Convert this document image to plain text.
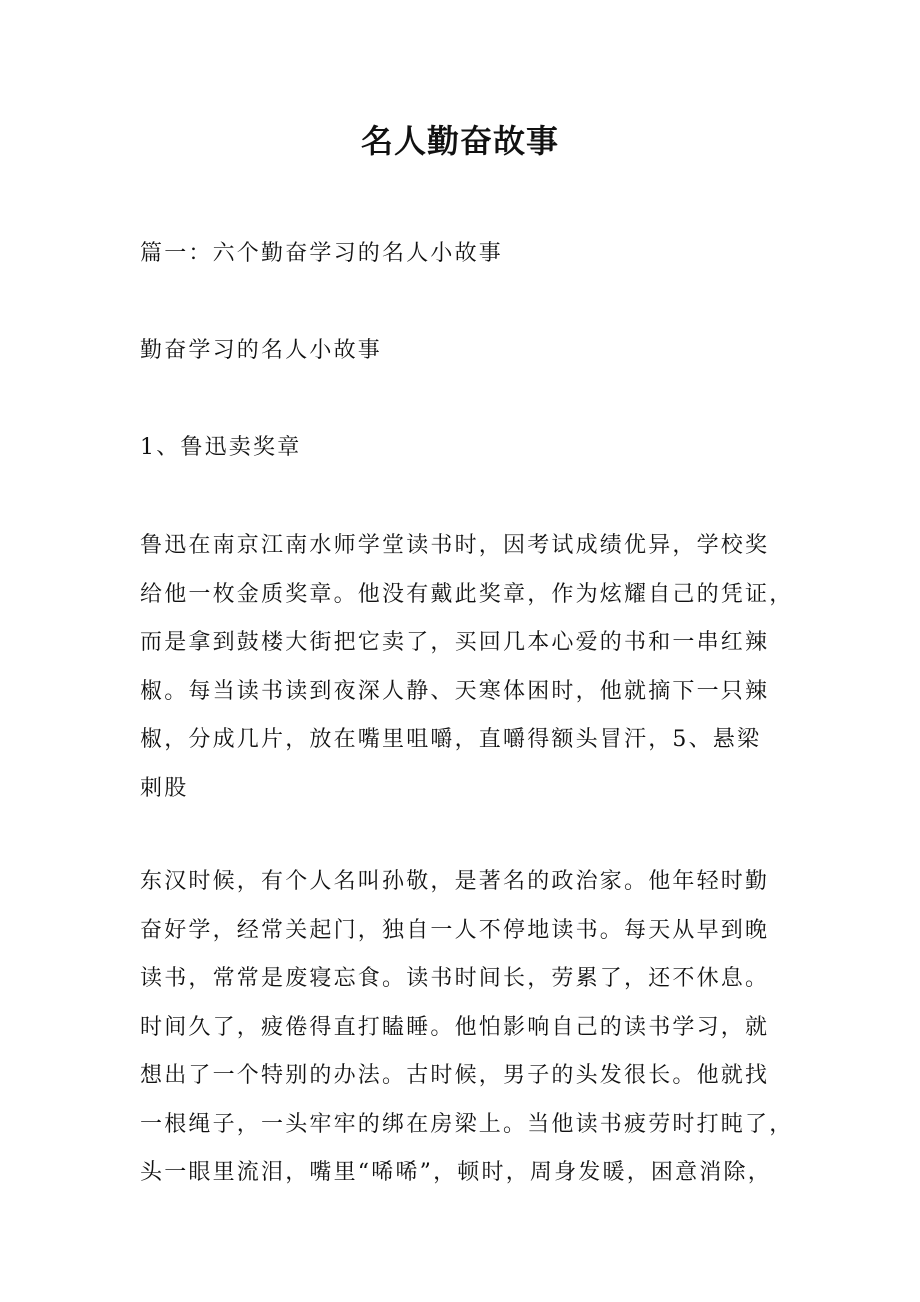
名人勤奋故事
篇一：六个勤奋学习的名人小故事
勤奋学习的名人小故事
1、鲁迅卖奖章
鲁迅在南京江南水师学堂读书时，因考试成绩优异，学校奖
给他一枚金质奖章。他没有戴此奖章，作为炫耀自己的凭证，
而是拿到鼓楼大街把它卖了，买回几本心爱的书和一串红辣
椒。每当读书读到夜深人静、天寒体困时，他就摘下一只辣
椒，分成几片，放在嘴里咀嚼，直嚼得额头冒汗，5、悬梁
刺股
东汉时候，有个人名叫孙敬，是著名的政治家。他年轻时勤
奋好学，经常关起门，独自一人不停地读书。每天从早到晚
读书，常常是废寝忘食。读书时间长，劳累了，还不休息。
时间久了，疲倦得直打瞌睡。他怕影响自己的读书学习，就
想出了一个特别的办法。古时候，男子的头发很长。他就找
一根绳子，一头牢牢的绑在房梁上。当他读书疲劳时打盹了，
头一眼里流泪，嘴里“唏唏”，顿时，周身发暖，困意消除，
